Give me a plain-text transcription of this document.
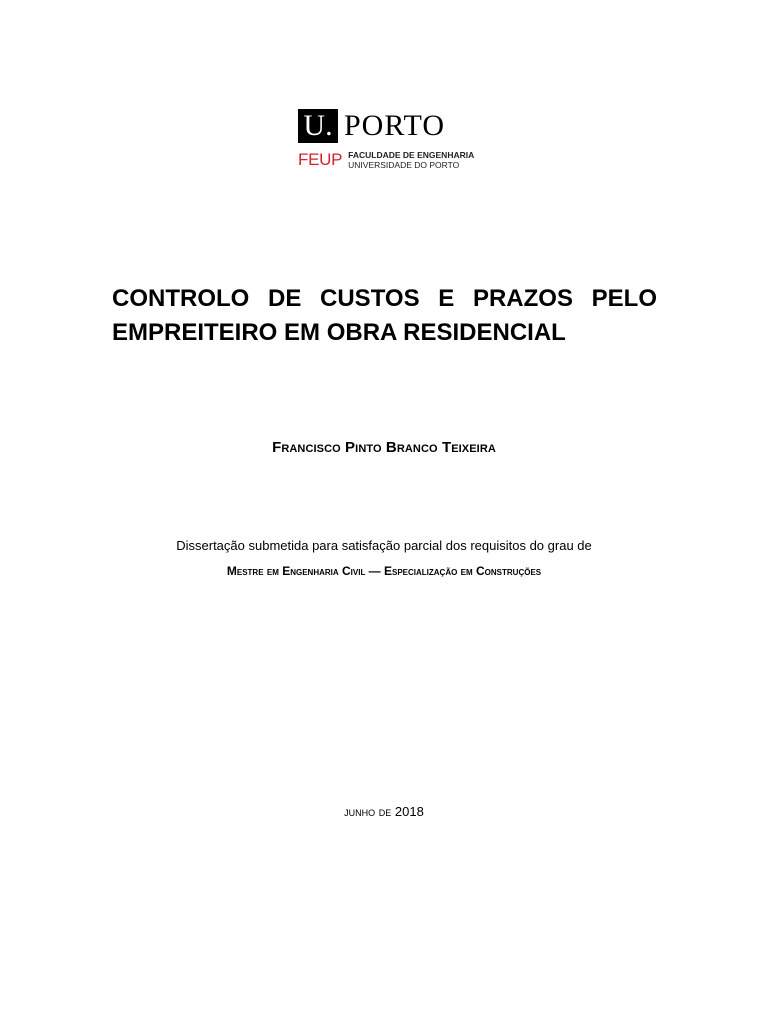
U. PORTO
FEUP FACULDADE DE ENGENHARIA
UNIVERSIDADE DO PORTO
CONTROLO DE CUSTOS E PRAZOS PELO
EMPREITEIRO EM OBRA RESIDENCIAL
Francisco Pinto Branco Teixeira
Dissertação submetida para satisfação parcial dos requisitos do grau de
Mestre em Engenharia Civil — Especialização em Construções
junho de 2018
